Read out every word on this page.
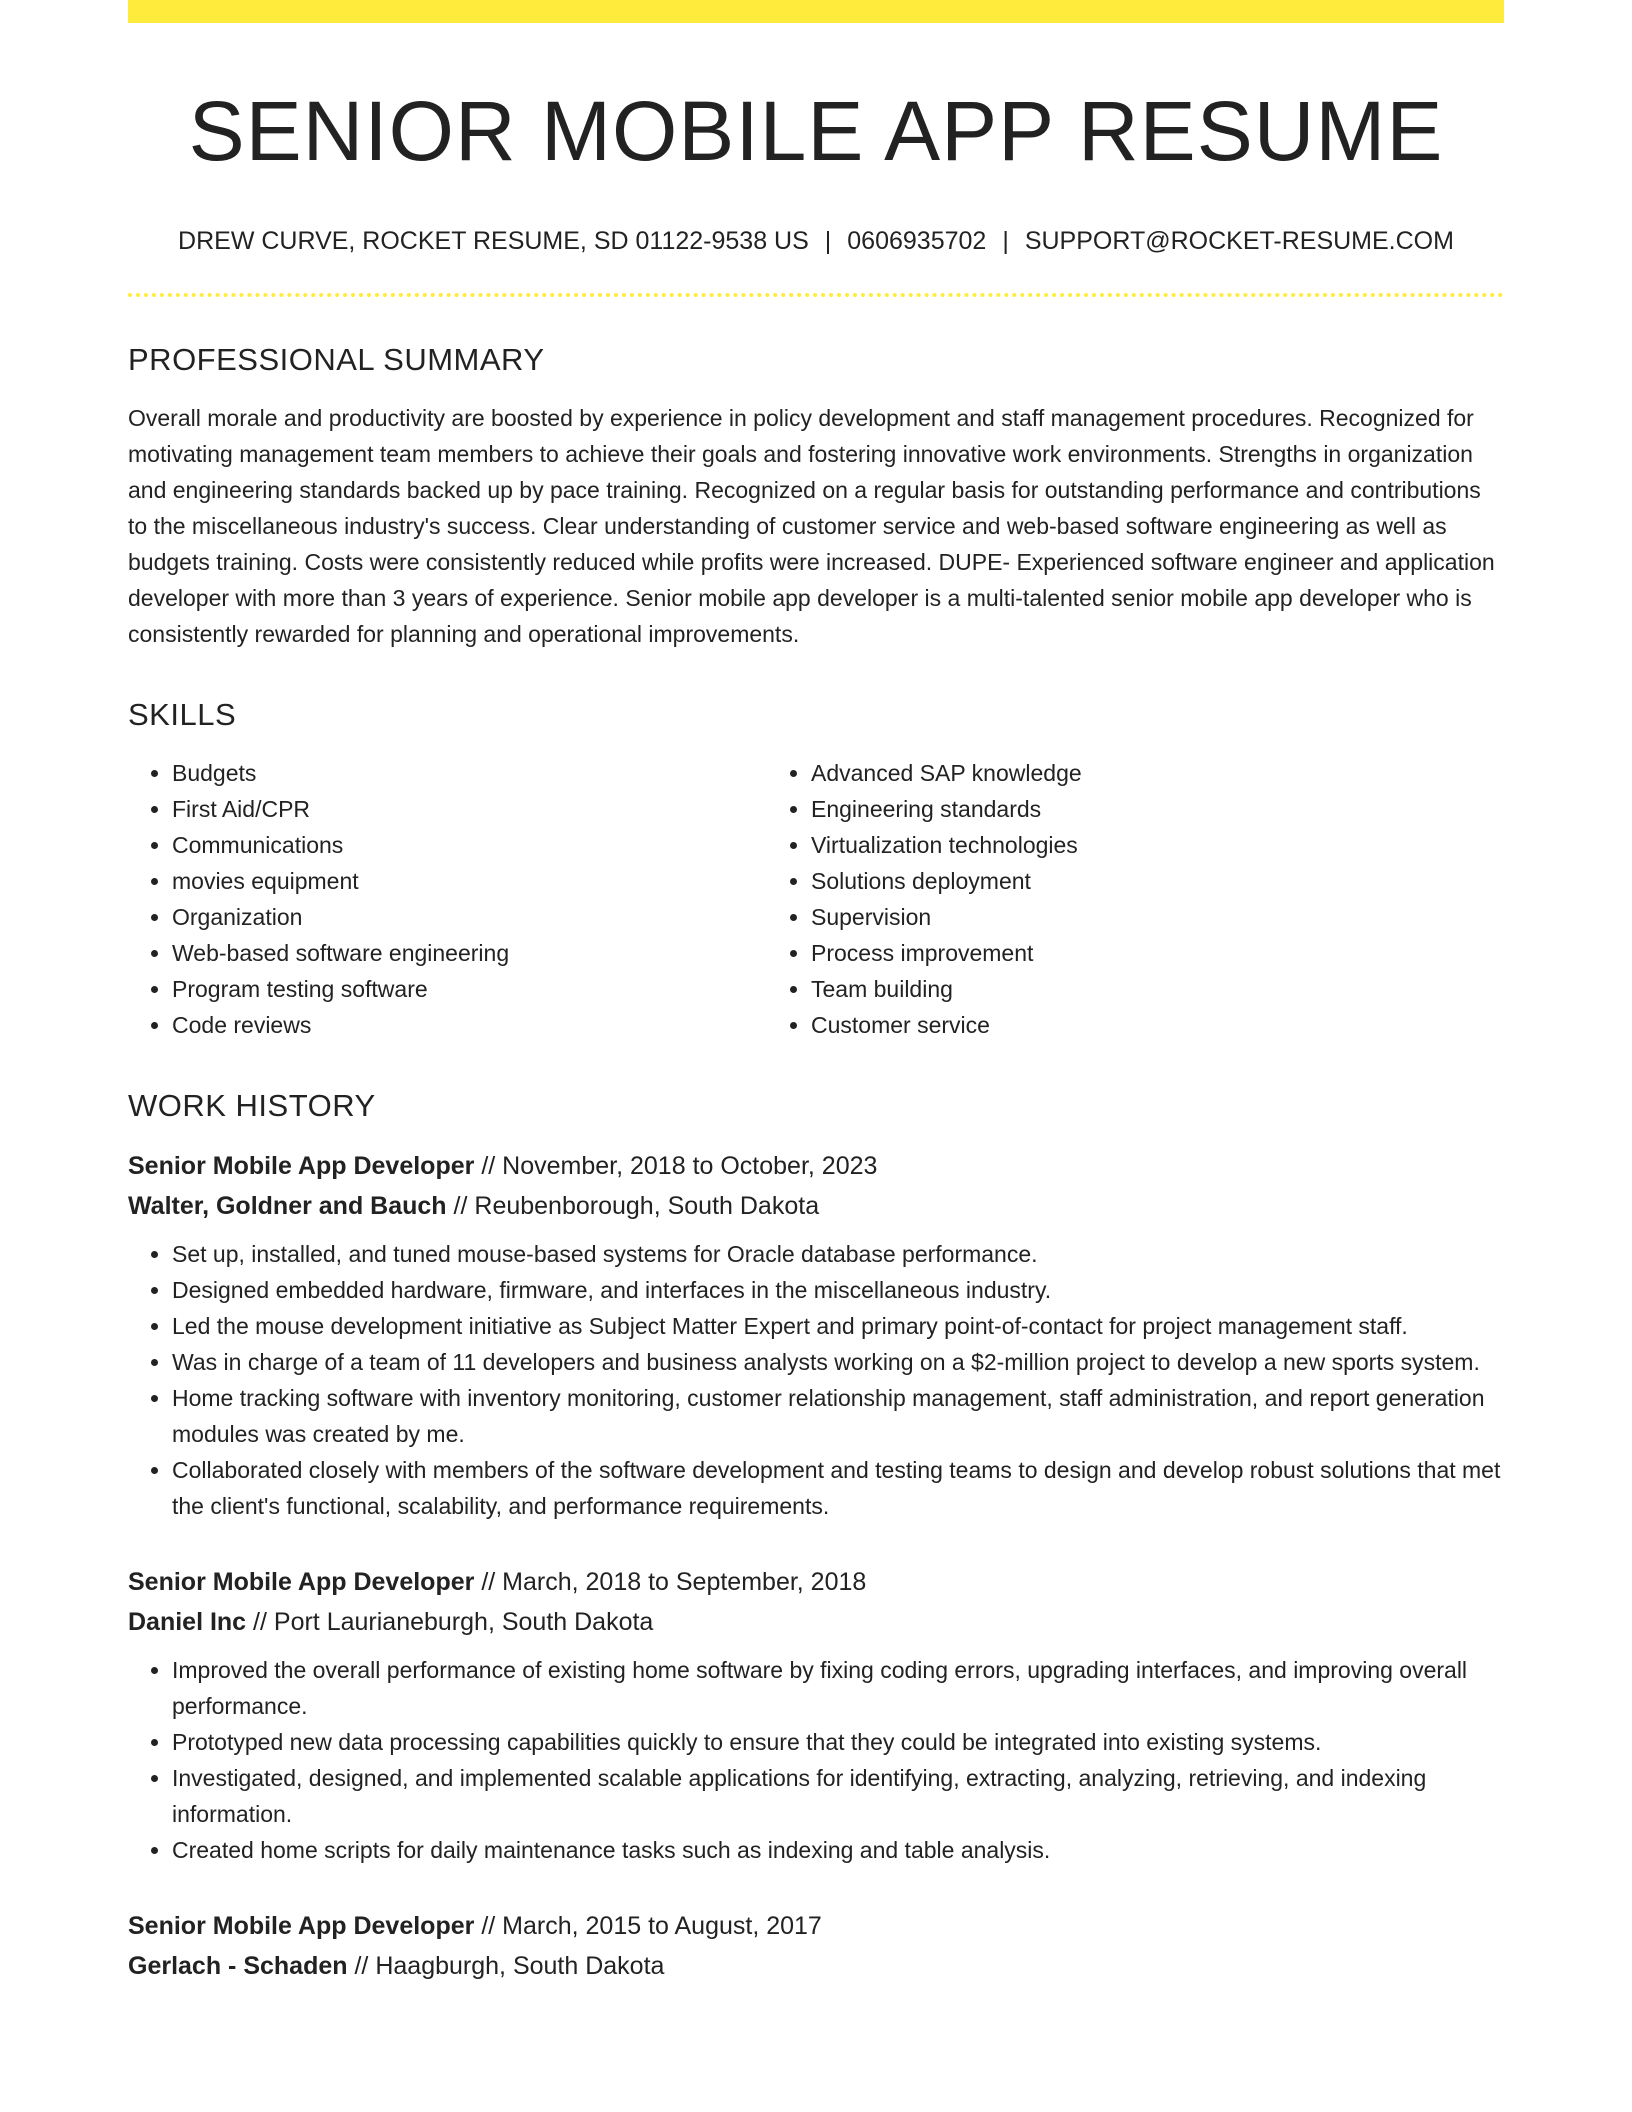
SENIOR MOBILE APP RESUME
DREW CURVE, ROCKET RESUME, SD 01122-9538 US | 0606935702 | SUPPORT@ROCKET-RESUME.COM
PROFESSIONAL SUMMARY

Overall morale and productivity are boosted by experience in policy development and staff management procedures. Recognized for motivating management team members to achieve their goals and fostering innovative work environments. Strengths in organization and engineering standards backed up by pace training. Recognized on a regular basis for outstanding performance and contributions to the miscellaneous industry's success. Clear understanding of customer service and web-based software engineering as well as budgets training. Costs were consistently reduced while profits were increased. DUPE- Experienced software engineer and application developer with more than 3 years of experience. Senior mobile app developer is a multi-talented senior mobile app developer who is consistently rewarded for planning and operational improvements.

SKILLS
• Budgets
• First Aid/CPR
• Communications
• movies equipment
• Organization
• Web-based software engineering
• Program testing software
• Code reviews
• Advanced SAP knowledge
• Engineering standards
• Virtualization technologies
• Solutions deployment
• Supervision
• Process improvement
• Team building
• Customer service
WORK HISTORY
Senior Mobile App Developer // November, 2018 to October, 2023
Walter, Goldner and Bauch // Reubenborough, South Dakota
• Set up, installed, and tuned mouse-based systems for Oracle database performance.
• Designed embedded hardware, firmware, and interfaces in the miscellaneous industry.
• Led the mouse development initiative as Subject Matter Expert and primary point-of-contact for project management staff.
• Was in charge of a team of 11 developers and business analysts working on a $2-million project to develop a new sports system.
• Home tracking software with inventory monitoring, customer relationship management, staff administration, and report generation modules was created by me.
• Collaborated closely with members of the software development and testing teams to design and develop robust solutions that met the client's functional, scalability, and performance requirements.
Senior Mobile App Developer // March, 2018 to September, 2018
Daniel Inc // Port Laurianeburgh, South Dakota
• Improved the overall performance of existing home software by fixing coding errors, upgrading interfaces, and improving overall performance.
• Prototyped new data processing capabilities quickly to ensure that they could be integrated into existing systems.
• Investigated, designed, and implemented scalable applications for identifying, extracting, analyzing, retrieving, and indexing information.
• Created home scripts for daily maintenance tasks such as indexing and table analysis.
Senior Mobile App Developer // March, 2015 to August, 2017
Gerlach - Schaden // Haagburgh, South Dakota
